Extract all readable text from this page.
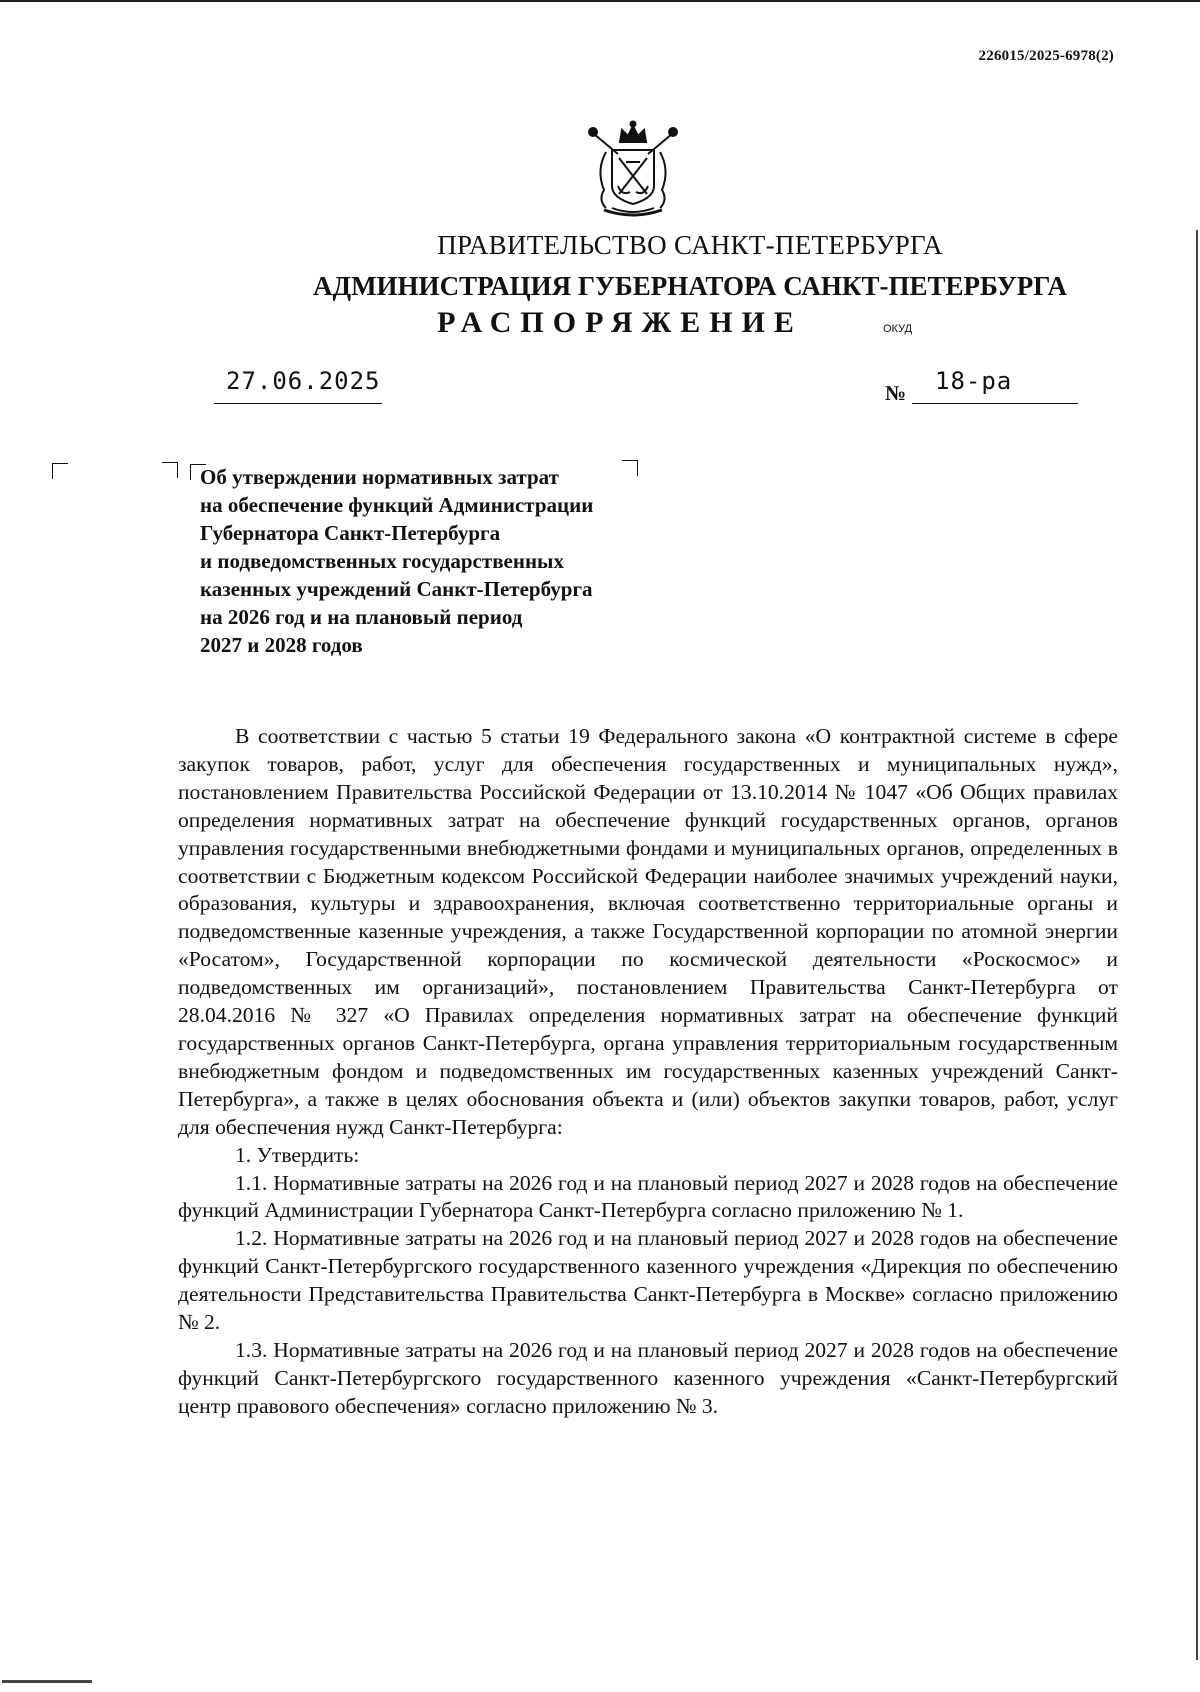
226015/2025-6978(2)
ПРАВИТЕЛЬСТВО САНКТ-ПЕТЕРБУРГА
АДМИНИСТРАЦИЯ ГУБЕРНАТОРА САНКТ-ПЕТЕРБУРГА
РАСПОРЯЖЕНИЕ	ОКУД
27.06.2025	№ 18-ра
Об утверждении нормативных затрат
на обеспечение функций Администрации
Губернатора Санкт-Петербурга
и подведомственных государственных
казенных учреждений Санкт-Петербурга
на 2026 год и на плановый период
2027 и 2028 годов

В соответствии с частью 5 статьи 19 Федерального закона «О контрактной системе в сфере закупок товаров, работ, услуг для обеспечения государственных и муниципальных нужд», постановлением Правительства Российской Федерации от 13.10.2014 № 1047 «Об Общих правилах определения нормативных затрат на обеспечение функций государственных органов, органов управления государственными внебюджетными фондами и муниципальных органов, определенных в соответствии с Бюджетным кодексом Российской Федерации наиболее значимых учреждений науки, образования, культуры и здравоохранения, включая соответственно территориальные органы и подведомственные казенные учреждения, а также Государственной корпорации по атомной энергии «Росатом», Государственной корпорации по космической деятельности «Роскосмос» и подведомственных им организаций», постановлением Правительства Санкт-Петербурга от 28.04.2016 № 327 «О Правилах определения нормативных затрат на обеспечение функций государственных органов Санкт-Петербурга, органа управления территориальным государственным внебюджетным фондом и подведомственных им государственных казенных учреждений Санкт-Петербурга», а также в целях обоснования объекта и (или) объектов закупки товаров, работ, услуг для обеспечения нужд Санкт-Петербурга:

1. Утвердить:

1.1. Нормативные затраты на 2026 год и на плановый период 2027 и 2028 годов на обеспечение функций Администрации Губернатора Санкт-Петербурга согласно приложению № 1.

1.2. Нормативные затраты на 2026 год и на плановый период 2027 и 2028 годов на обеспечение функций Санкт-Петербургского государственного казенного учреждения «Дирекция по обеспечению деятельности Представительства Правительства Санкт-Петербурга в Москве» согласно приложению № 2.

1.3. Нормативные затраты на 2026 год и на плановый период 2027 и 2028 годов на обеспечение функций Санкт-Петербургского государственного казенного учреждения «Санкт-Петербургский центр правового обеспечения» согласно приложению № 3.
